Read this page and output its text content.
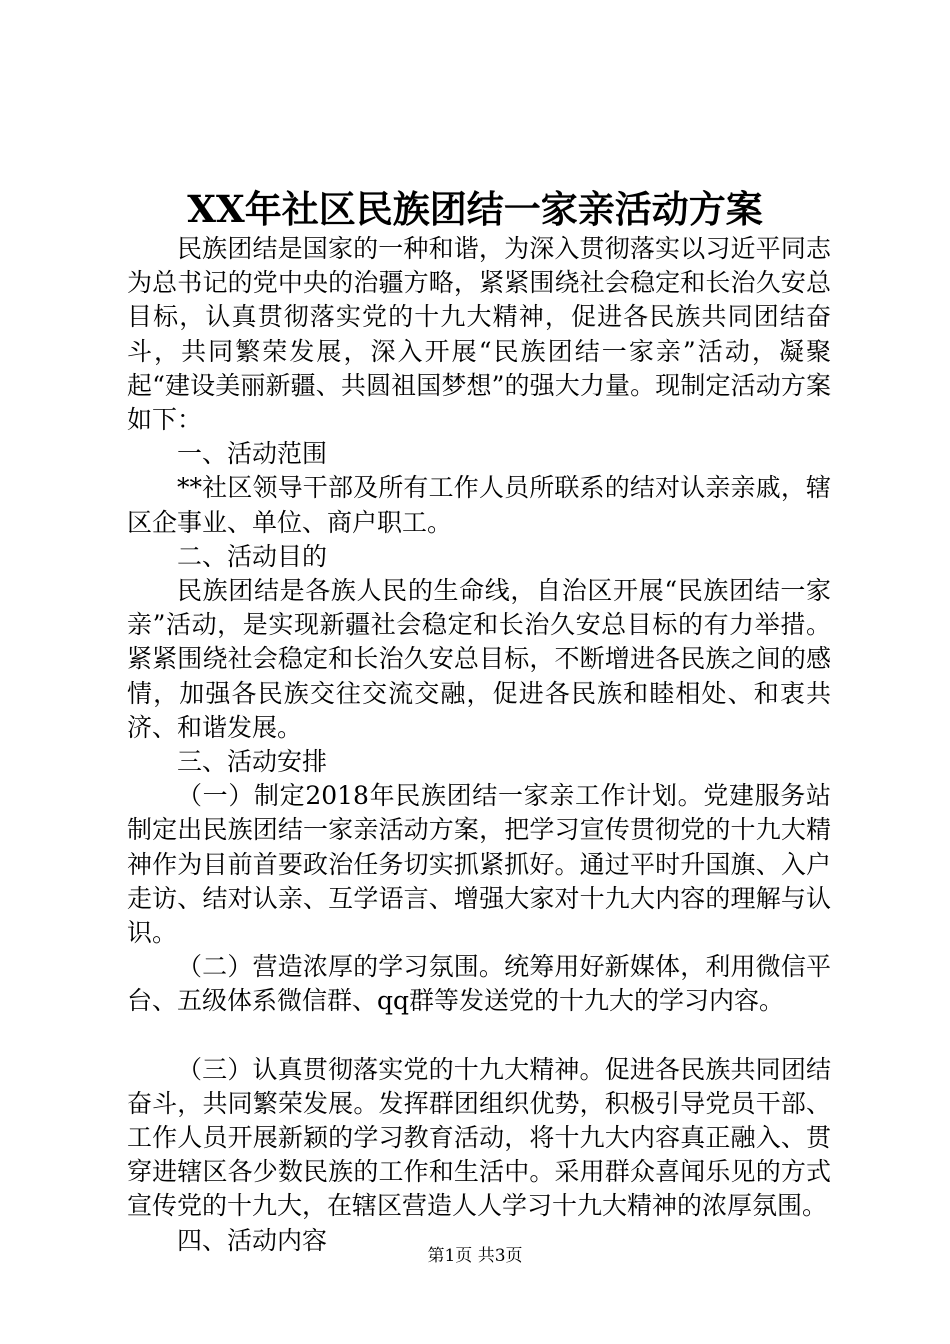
XX年社区民族团结一家亲活动方案

民族团结是国家的一种和谐，为深入贯彻落实以习近平同志为总书记的党中央的治疆方略，紧紧围绕社会稳定和长治久安总目标，认真贯彻落实党的十九大精神，促进各民族共同团结奋斗，共同繁荣发展，深入开展“民族团结一家亲”活动，凝聚起“建设美丽新疆、共圆祖国梦想”的强大力量。现制定活动方案如下：

一、活动范围

**社区领导干部及所有工作人员所联系的结对认亲亲戚，辖区企事业、单位、商户职工。

二、活动目的

民族团结是各族人民的生命线，自治区开展“民族团结一家亲”活动，是实现新疆社会稳定和长治久安总目标的有力举措。紧紧围绕社会稳定和长治久安总目标，不断增进各民族之间的感情，加强各民族交往交流交融，促进各民族和睦相处、和衷共济、和谐发展。

三、活动安排

（一）制定2018年民族团结一家亲工作计划。党建服务站制定出民族团结一家亲活动方案，把学习宣传贯彻党的十九大精神作为目前首要政治任务切实抓紧抓好。通过平时升国旗、入户走访、结对认亲、互学语言、增强大家对十九大内容的理解与认识。

（二）营造浓厚的学习氛围。统筹用好新媒体，利用微信平台、五级体系微信群、qq群等发送党的十九大的学习内容。

（三）认真贯彻落实党的十九大精神。促进各民族共同团结奋斗，共同繁荣发展。发挥群团组织优势，积极引导党员干部、工作人员开展新颖的学习教育活动，将十九大内容真正融入、贯穿进辖区各少数民族的工作和生活中。采用群众喜闻乐见的方式宣传党的十九大，在辖区营造人人学习十九大精神的浓厚氛围。

四、活动内容

第1页 共3页
